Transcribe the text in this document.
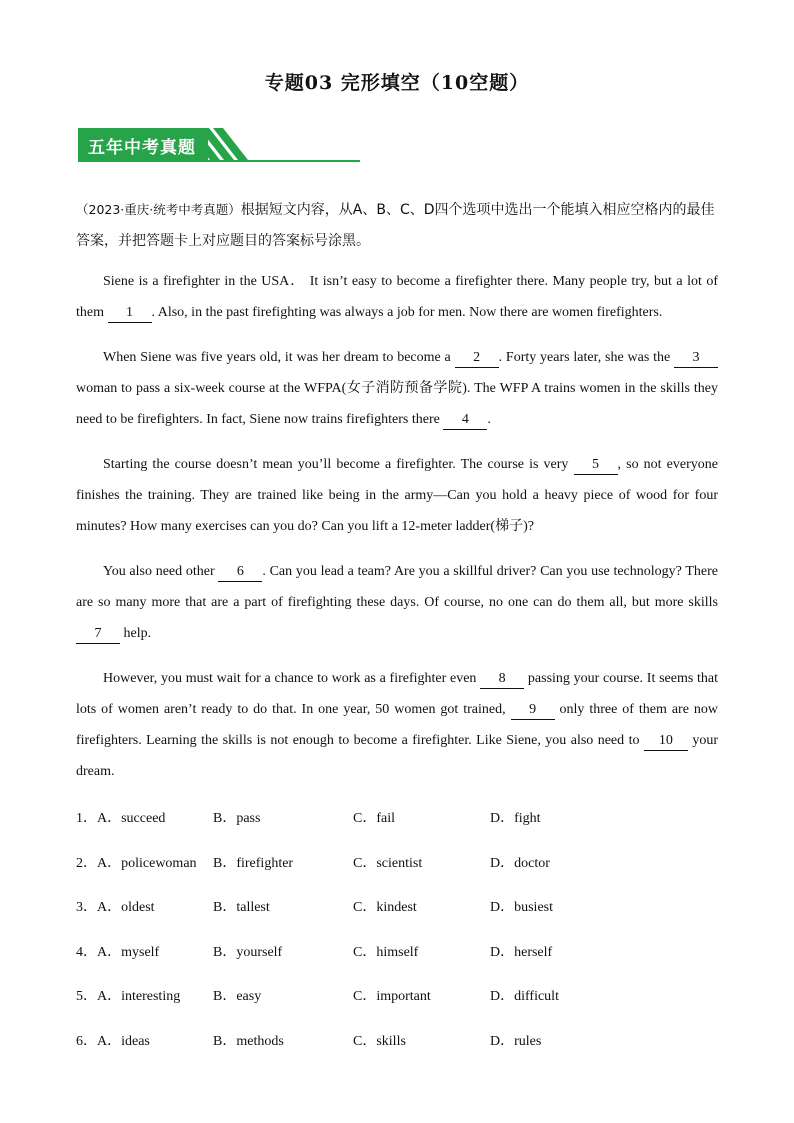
专题03 完形填空（10空题）
五年中考真题
（2023·重庆·统考中考真题）根据短文内容，从A、B、C、D四个选项中选出一个能填入相应空格内的最佳答案，并把答题卡上对应题目的答案标号涂黑。
Siene is a firefighter in the USA． It isn’t easy to become a firefighter there. Many people try, but a lot of them 1 . Also, in the past firefighting was always a job for men. Now there are women firefighters.
When Siene was five years old, it was her dream to become a 2 . Forty years later, she was the 3 woman to pass a six-week course at the WFPA(女子消防预备学院). The WFP A trains women in the skills they need to be firefighters. In fact, Siene now trains firefighters there 4 .
Starting the course doesn’t mean you’ll become a firefighter. The course is very 5 , so not everyone finishes the training. They are trained like being in the army—Can you hold a heavy piece of wood for four minutes? How many exercises can you do? Can you lift a 12-meter ladder(梯子)?
You also need other 6 . Can you lead a team? Are you a skillful driver? Can you use technology? There are so many more that are a part of firefighting these days. Of course, no one can do them all, but more skills 7 help.
However, you must wait for a chance to work as a firefighter even 8 passing your course. It seems that lots of women aren’t ready to do that. In one year, 50 women got trained, 9 only three of them are now firefighters. Learning the skills is not enough to become a firefighter. Like Siene, you also need to 10 your dream.
1． A．succeed	B．pass	C．fail	D．fight
2． A．policewoman B．firefighter	C．scientist	D．doctor
3． A．oldest	B．tallest	C．kindest	D．busiest
4． A．myself	B．yourself	C．himself	D．herself
5． A．interesting B．easy	C．important	D．difficult
6． A．ideas	B．methods	C．skills	D．rules
